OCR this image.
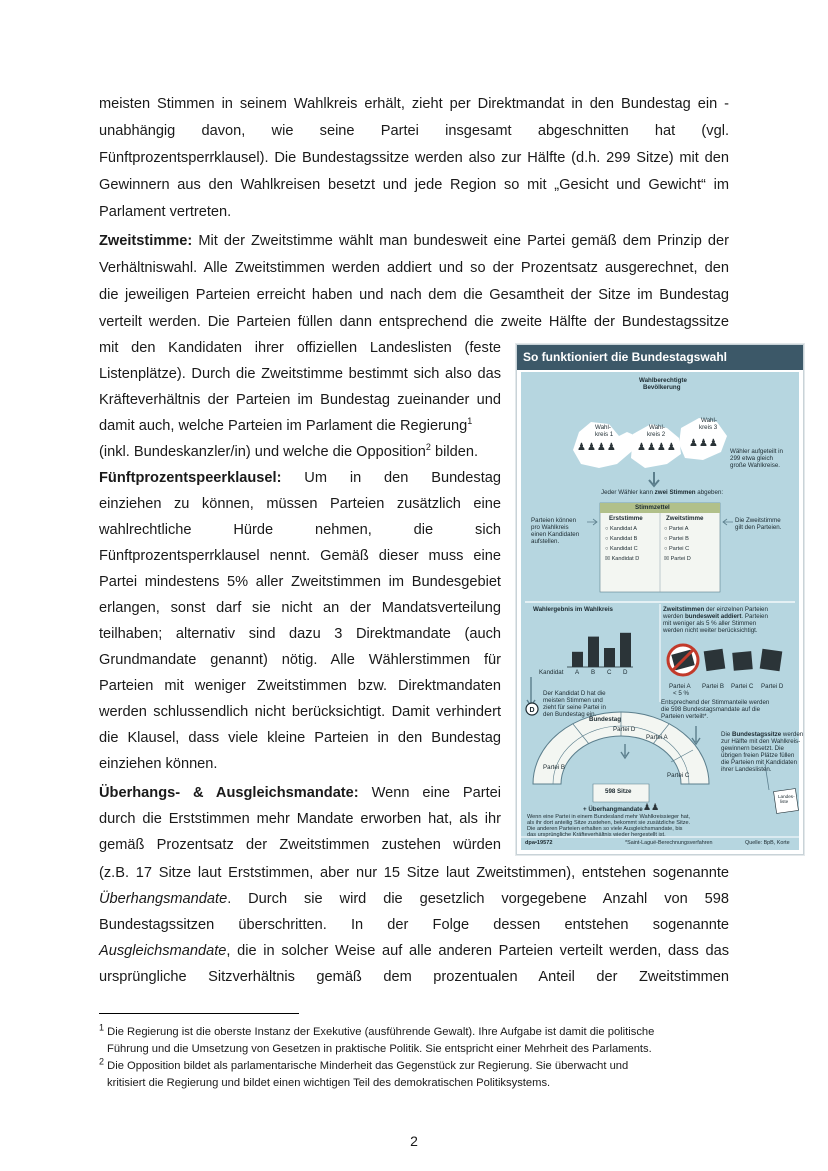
meisten Stimmen in seinem Wahlkreis erhält, zieht per Direktmandat in den Bundestag ein -
unabhängig davon, wie seine Partei insgesamt abgeschnitten hat (vgl.
Fünftprozentsperrklausel). Die Bundestagssitze werden also zur Hälfte (d.h. 299 Sitze) mit den
Gewinnern aus den Wahlkreisen besetzt und jede Region so mit „Gesicht und Gewicht“ im
Parlament vertreten.
Zweitstimme: Mit der Zweitstimme wählt man bundesweit eine Partei gemäß dem Prinzip der
Verhältniswahl. Alle Zweitstimmen werden addiert und so der Prozentsatz ausgerechnet, den
die jeweiligen Parteien erreicht haben und nach dem die Gesamtheit der Sitze im Bundestag
verteilt werden. Die Parteien füllen dann entsprechend die zweite Hälfte der Bundestagssitze
mit den Kandidaten ihrer offiziellen Landeslisten (feste
Listenplätze). Durch die Zweitstimme bestimmt sich also das
Kräfteverhältnis der Parteien im Bundestag zueinander und
damit auch, welche Parteien im Parlament die Regierung$^1$
(inkl. Bundeskanzler/in) und welche die Opposition$^2$ bilden.
Fünftprozentspeerklausel: Um in den Bundestag
einziehen zu können, müssen Parteien zusätzlich eine
wahlrechtliche Hürde nehmen, die sich
Fünftprozentsperrklausel nennt. Gemäß dieser muss eine
Partei mindestens 5% aller Zweitstimmen im Bundesgebiet
erlangen, sonst darf sie nicht an der Mandatsverteilung
teilhaben; alternativ sind dazu 3 Direktmandate (auch
Grundmandate genannt) nötig. Alle Wählerstimmen für
Parteien mit weniger Zweitstimmen bzw. Direktmandaten
werden schlussendlich nicht berücksichtigt. Damit verhindert
die Klausel, dass viele kleine Parteien in den Bundestag
einziehen können.
Überhangs- & Ausgleichsmandate: Wenn eine Partei
durch die Erststimmen mehr Mandate erworben hat, als ihr
gemäß Prozentsatz der Zweitstimmen zustehen würden
(z.B. 17 Sitze laut Erststimmen, aber nur 15 Sitze laut Zweitstimmen), entstehen sogenannte
Überhangsmandate. Durch sie wird die gesetzlich vorgegebene Anzahl von 598
Bundestagssitzen überschritten. In der Folge dessen entstehen sogenannte
Ausgleichsmandate, die in solcher Weise auf alle anderen Parteien verteilt werden, dass das
ursprüngliche Sitzverhältnis gemäß dem prozentualen Anteil der Zweitstimmen
$^1$ Die Regierung ist die oberste Instanz der Exekutive (ausführende Gewalt). Ihre Aufgabe ist damit die politische
Führung und die Umsetzung von Gesetzen in praktische Politik. Sie entspricht einer Mehrheit des Parlaments.
$^2$ Die Opposition bildet als parlamentarische Minderheit das Gegenstück zur Regierung. Sie überwacht und
kritisiert die Regierung und bildet einen wichtigen Teil des demokratischen Politiksystems.
2
So funktioniert die Bundestagswahl
D
♟♟♟♟ ♟♟♟♟ ♟♟♟
Wahlberechtigte
Bevölkerung
Wahl-
kreis 1
Wahl-
kreis 2
Wahl-
kreis 3
Wähler aufgeteilt in
299 etwa gleich
große Wahlkreise.
Jeder Wähler kann zwei Stimmen abgeben:
Stimmzettel
Erststimme	Zweitstimme
○ Kandidat A
○ Kandidat B
○ Kandidat C
☒ Kandidat D
○ Partei A
○ Partei B
○ Partei C
☒ Partei D
Parteien können
pro Wahlkreis
einen Kandidaten
aufstellen.
Die Zweitstimme
gilt den Parteien.
Wahlergebnis im Wahlkreis
Kandidat A B C D
Zweitstimmen der einzelnen Parteien
werden bundesweit addiert. Parteien
mit weniger als 5 % aller Stimmen
werden nicht weiter berücksichtigt.
Der Kandidat D hat die
meisten Stimmen und
zieht für seine Partei in
den Bundestag ein.
Partei A Partei B Partei C Partei D
< 5 %
Entsprechend der Stimmanteile werden
die 598 Bundestagsmandate auf die
Parteien verteilt*.
Bundestag
Partei D
Partei A
Partei B
Partei C
598 Sitze
Die Bundestagssitze werden
zur Hälfte mit den Wahlkreis-
gewinnern besetzt. Die
übrigen freien Plätze füllen
die Parteien mit Kandidaten
ihrer Landeslisten.
Landes-
liste
+ Überhangmandate ♟♟
Wenn eine Partei in einem Bundesland mehr Wahlkreissieger hat,
als ihr dort anteilig Sitze zustehen, bekommt sie zusätzliche Sitze.
Die anderen Parteien erhalten so viele Ausgleichsmandate, bis
das ursprüngliche Kräfteverhältnis wieder hergestellt ist.
dpa•19572	*Saint-Laguë-Berechnungsverfahren	Quelle: BpB, Korte
